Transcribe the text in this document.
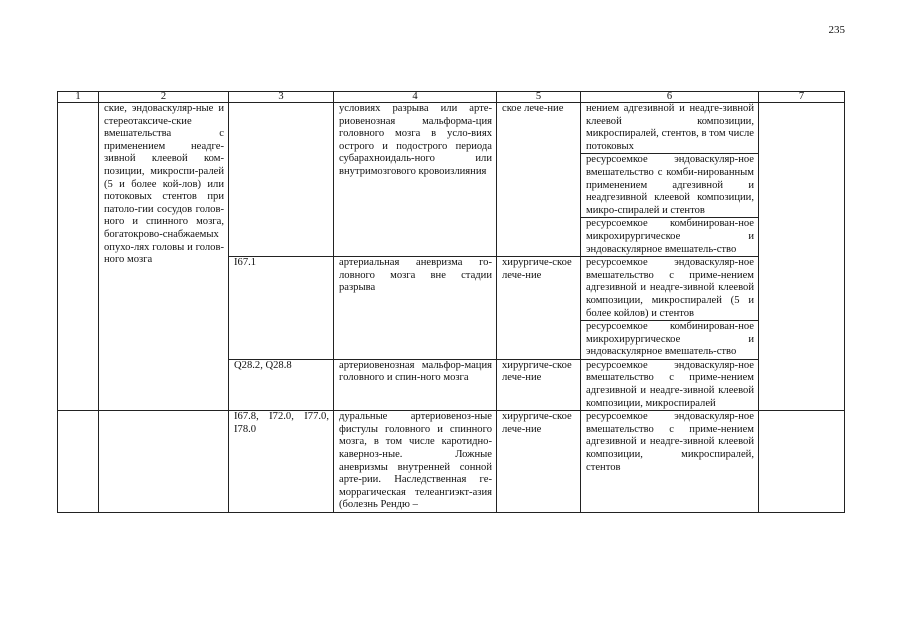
235
1	2	3	4	5	6	7
	ские, эндоваскуляр-ные и стереотаксиче-ские вмешательства с применением неадге-зивной клеевой ком-позиции, микроспи-ралей (5 и более кой-лов) или потоковых стентов при патоло-гии сосудов голов-ного и спинного мозга, богатокрово-снабжаемых опухо-лях головы и голов-ного мозга		условиях разрыва или арте-риовенозная мальформа-ция головного мозга в усло-виях острого и подострого периода субарахноидаль-ного или внутримозгового кровоизлияния	ское лече-ние	нением адгезивной и неадге-зивной клеевой композиции, микроспиралей, стентов, в том числе потоковых	
					ресурсоемкое эндоваскуляр-ное вмешательство с комби-нированным применением адгезивной и неадгезивной клеевой композиции, микро-спиралей и стентов	
					ресурсоемкое комбинирован-ное микрохирургическое и эндоваскулярное вмешатель-ство	
		I67.1	артериальная аневризма го-ловного мозга вне стадии разрыва	хирургиче-ское лече-ние	ресурсоемкое эндоваскуляр-ное вмешательство с приме-нением адгезивной и неадге-зивной клеевой композиции, микроспиралей (5 и более койлов) и стентов	
					ресурсоемкое комбинирован-ное микрохирургическое и эндоваскулярное вмешатель-ство	
		Q28.2, Q28.8	артериовенозная мальфор-мация головного и спин-ного мозга	хирургиче-ское лече-ние	ресурсоемкое эндоваскуляр-ное вмешательство с приме-нением адгезивной и неадге-зивной клеевой композиции, микроспиралей	
		I67.8, I72.0, I77.0, I78.0	дуральные артериовеноз-ные фистулы головного и спинного мозга, в том числе каротидно-каверноз-ные. Ложные аневризмы внутренней сонной арте-рии. Наследственная ге-моррагическая телеангиэкт-азия (болезнь Рендю –	хирургиче-ское лече-ние	ресурсоемкое эндоваскуляр-ное вмешательство с приме-нением адгезивной и неадге-зивной клеевой композиции, микроспиралей, стентов	
